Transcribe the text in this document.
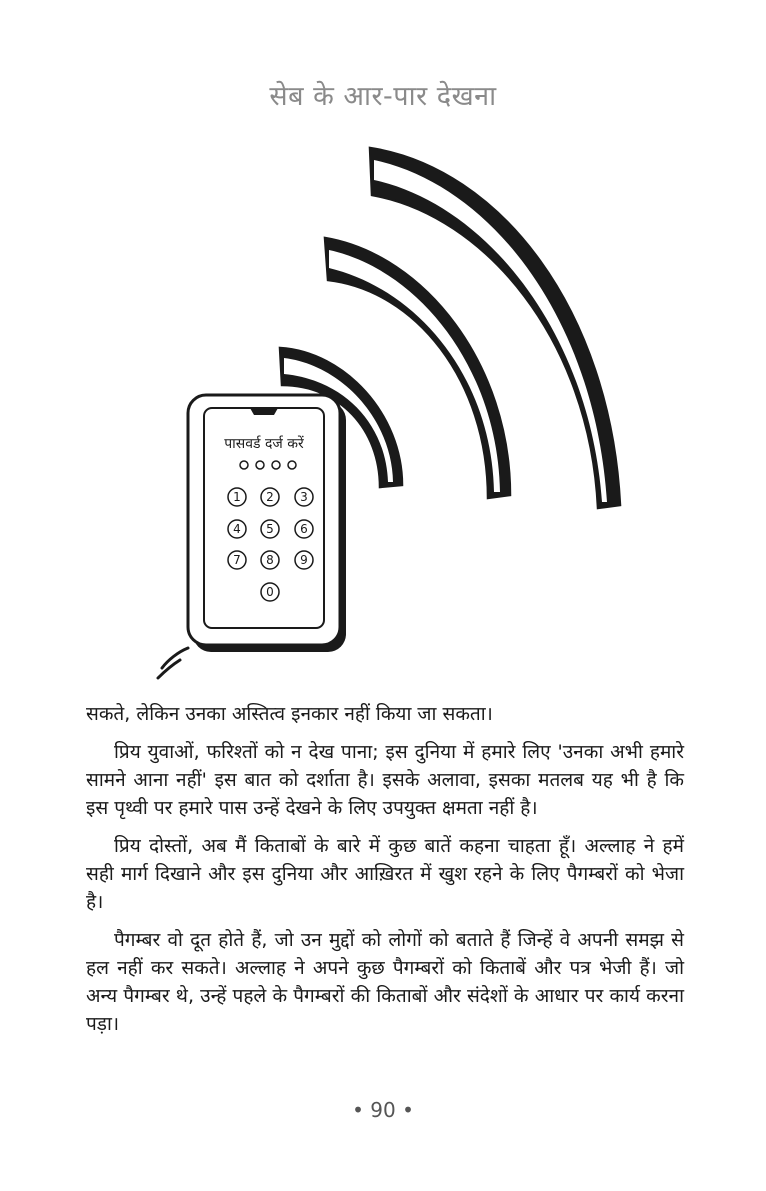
सेब के आर-पार देखना
पासवर्ड दर्ज करें
1 2 3
4 5 6
7 8 9
0

सकते, लेकिन उनका अस्तित्व इनकार नहीं किया जा सकता।

प्रिय युवाओं, फरिश्तों को न देख पाना; इस दुनिया में हमारे लिए 'उनका अभी हमारे सामने आना नहीं' इस बात को दर्शाता है। इसके अलावा, इसका मतलब यह भी है कि इस पृथ्वी पर हमारे पास उन्हें देखने के लिए उपयुक्त क्षमता नहीं है।

प्रिय दोस्तों, अब मैं किताबों के बारे में कुछ बातें कहना चाहता हूँ। अल्लाह ने हमें सही मार्ग दिखाने और इस दुनिया और आख़िरत में खुश रहने के लिए पैगम्बरों को भेजा है।

पैगम्बर वो दूत होते हैं, जो उन मुद्दों को लोगों को बताते हैं जिन्हें वे अपनी समझ से हल नहीं कर सकते। अल्लाह ने अपने कुछ पैगम्बरों को किताबें और पत्र भेजी हैं। जो अन्य पैगम्बर थे, उन्हें पहले के पैगम्बरों की किताबों और संदेशों के आधार पर कार्य करना पड़ा।

• 90 •
